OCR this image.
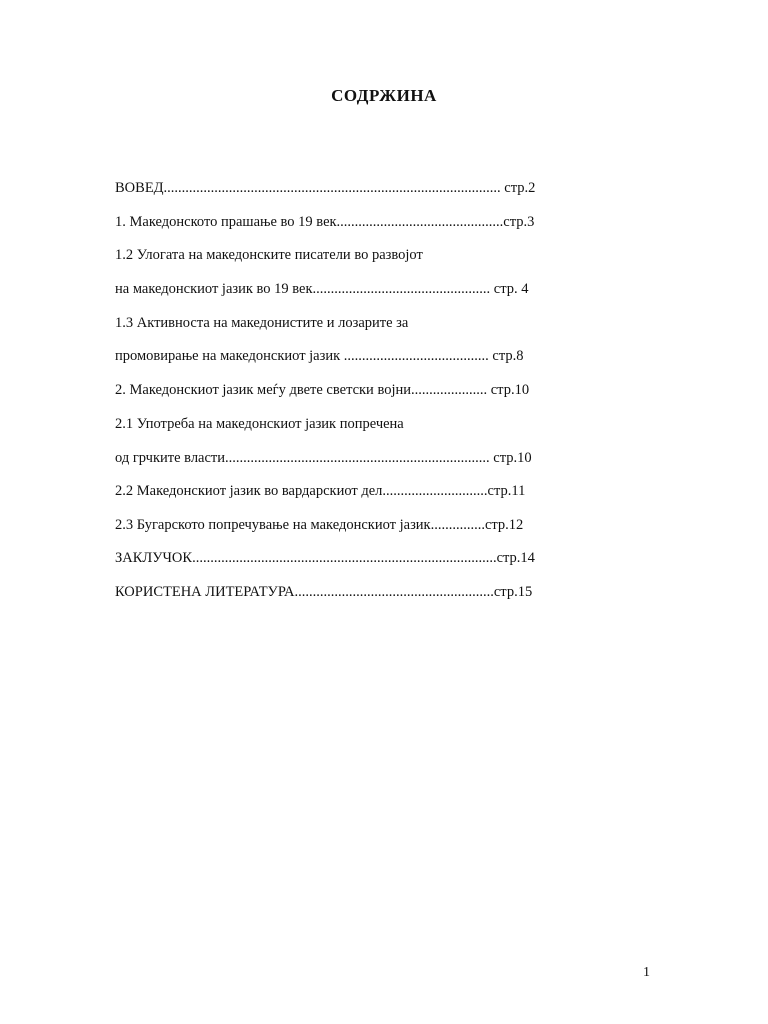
СОДРЖИНА
ВОВЕД............................................................................................. стр.2
1. Македонското прашање во 19 век..............................................стр.3
1.2 Улогата на македонските писатели во развојот
на македонскиот јазик во 19 век................................................. стр. 4
1.3 Активноста на македонистите и лозарите за
промовирање на македонскиот јазик ........................................ стр.8
2. Македонскиот јазик меѓу двете светски војни..................... стр.10
2.1 Употреба на македонскиот јазик попречена
од грчките власти......................................................................... стр.10
2.2 Македонскиот јазик во вардарскиот дел.............................стр.11
2.3 Бугарското попречување на македонскиот јазик...............стр.12
ЗАКЛУЧОК....................................................................................стр.14
КОРИСТЕНА ЛИТЕРАТУРА.......................................................стр.15
1
